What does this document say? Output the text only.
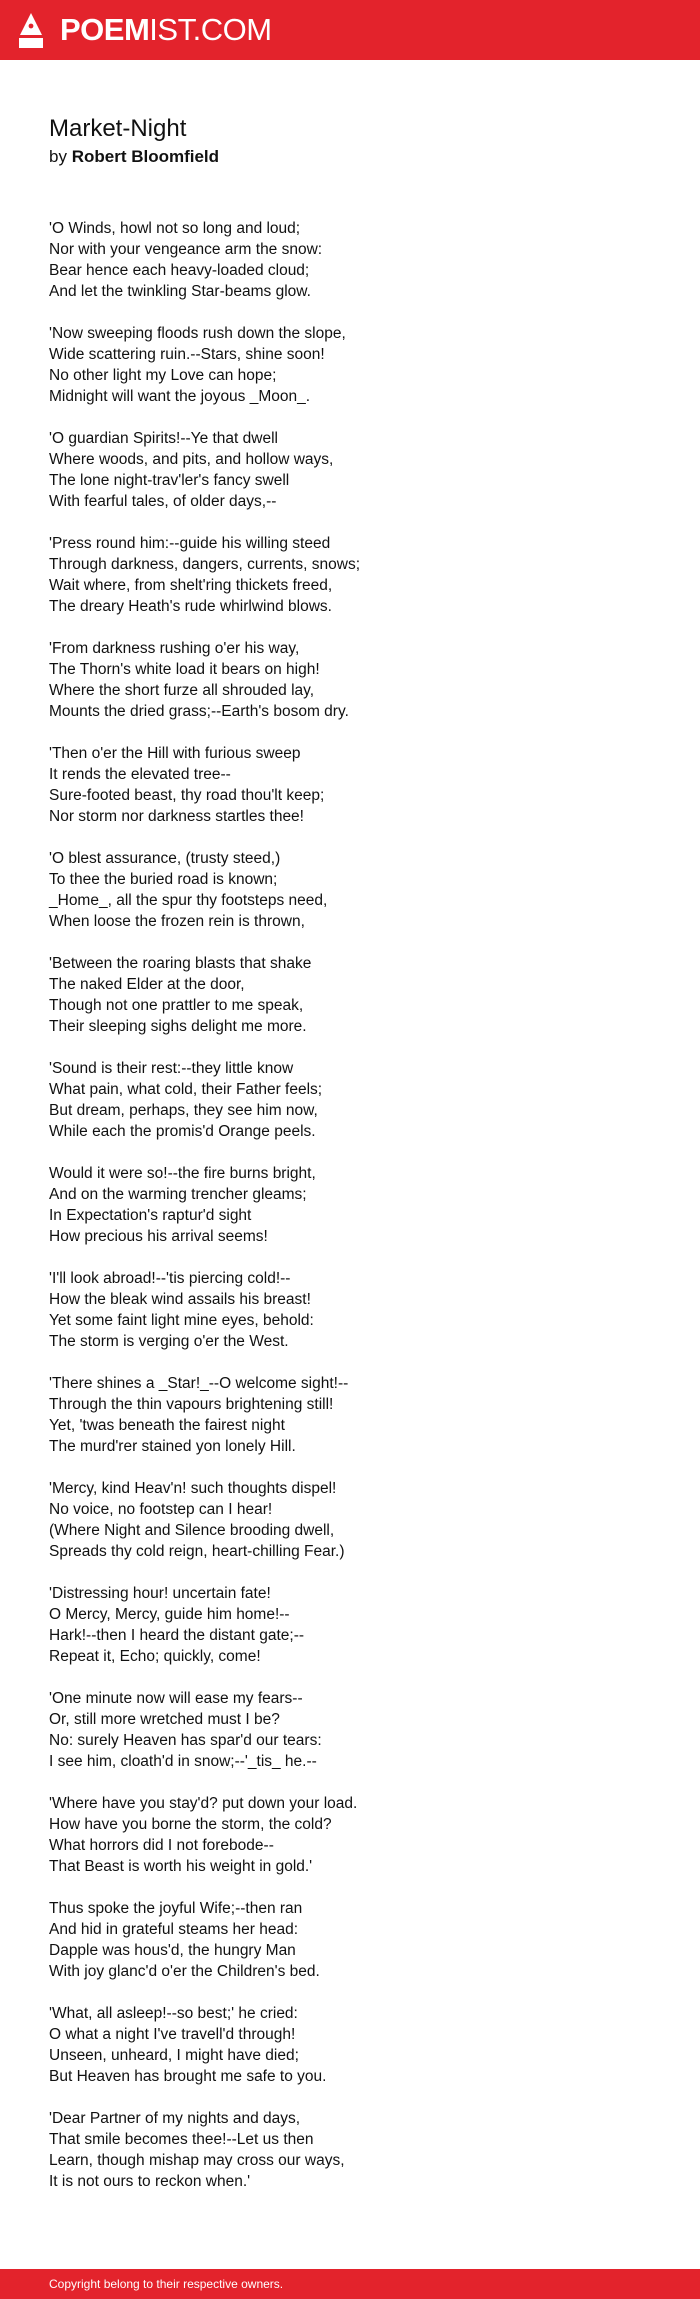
POEMIST.COM
Market-Night
by Robert Bloomfield
'O Winds, howl not so long and loud;
Nor with your vengeance arm the snow:
Bear hence each heavy-loaded cloud;
And let the twinkling Star-beams glow.
'Now sweeping floods rush down the slope,
Wide scattering ruin.--Stars, shine soon!
No other light my Love can hope;
Midnight will want the joyous _Moon_.
'O guardian Spirits!--Ye that dwell
Where woods, and pits, and hollow ways,
The lone night-trav'ler's fancy swell
With fearful tales, of older days,--
'Press round him:--guide his willing steed
Through darkness, dangers, currents, snows;
Wait where, from shelt'ring thickets freed,
The dreary Heath's rude whirlwind blows.
'From darkness rushing o'er his way,
The Thorn's white load it bears on high!
Where the short furze all shrouded lay,
Mounts the dried grass;--Earth's bosom dry.
'Then o'er the Hill with furious sweep
It rends the elevated tree--
Sure-footed beast, thy road thou'lt keep;
Nor storm nor darkness startles thee!
'O blest assurance, (trusty steed,)
To thee the buried road is known;
_Home_, all the spur thy footsteps need,
When loose the frozen rein is thrown,
'Between the roaring blasts that shake
The naked Elder at the door,
Though not one prattler to me speak,
Their sleeping sighs delight me more.
'Sound is their rest:--they little know
What pain, what cold, their Father feels;
But dream, perhaps, they see him now,
While each the promis'd Orange peels.
Would it were so!--the fire burns bright,
And on the warming trencher gleams;
In Expectation's raptur'd sight
How precious his arrival seems!
'I'll look abroad!--'tis piercing cold!--
How the bleak wind assails his breast!
Yet some faint light mine eyes, behold:
The storm is verging o'er the West.
'There shines a _Star!_--O welcome sight!--
Through the thin vapours brightening still!
Yet, 'twas beneath the fairest night
The murd'rer stained yon lonely Hill.
'Mercy, kind Heav'n! such thoughts dispel!
No voice, no footstep can I hear!
(Where Night and Silence brooding dwell,
Spreads thy cold reign, heart-chilling Fear.)
'Distressing hour! uncertain fate!
O Mercy, Mercy, guide him home!--
Hark!--then I heard the distant gate;--
Repeat it, Echo; quickly, come!
'One minute now will ease my fears--
Or, still more wretched must I be?
No: surely Heaven has spar'd our tears:
I see him, cloath'd in snow;--'_tis_ he.--
'Where have you stay'd? put down your load.
How have you borne the storm, the cold?
What horrors did I not forebode--
That Beast is worth his weight in gold.'
Thus spoke the joyful Wife;--then ran
And hid in grateful steams her head:
Dapple was hous'd, the hungry Man
With joy glanc'd o'er the Children's bed.
'What, all asleep!--so best;' he cried:
O what a night I've travell'd through!
Unseen, unheard, I might have died;
But Heaven has brought me safe to you.
'Dear Partner of my nights and days,
That smile becomes thee!--Let us then
Learn, though mishap may cross our ways,
It is not ours to reckon when.'
Copyright belong to their respective owners.
